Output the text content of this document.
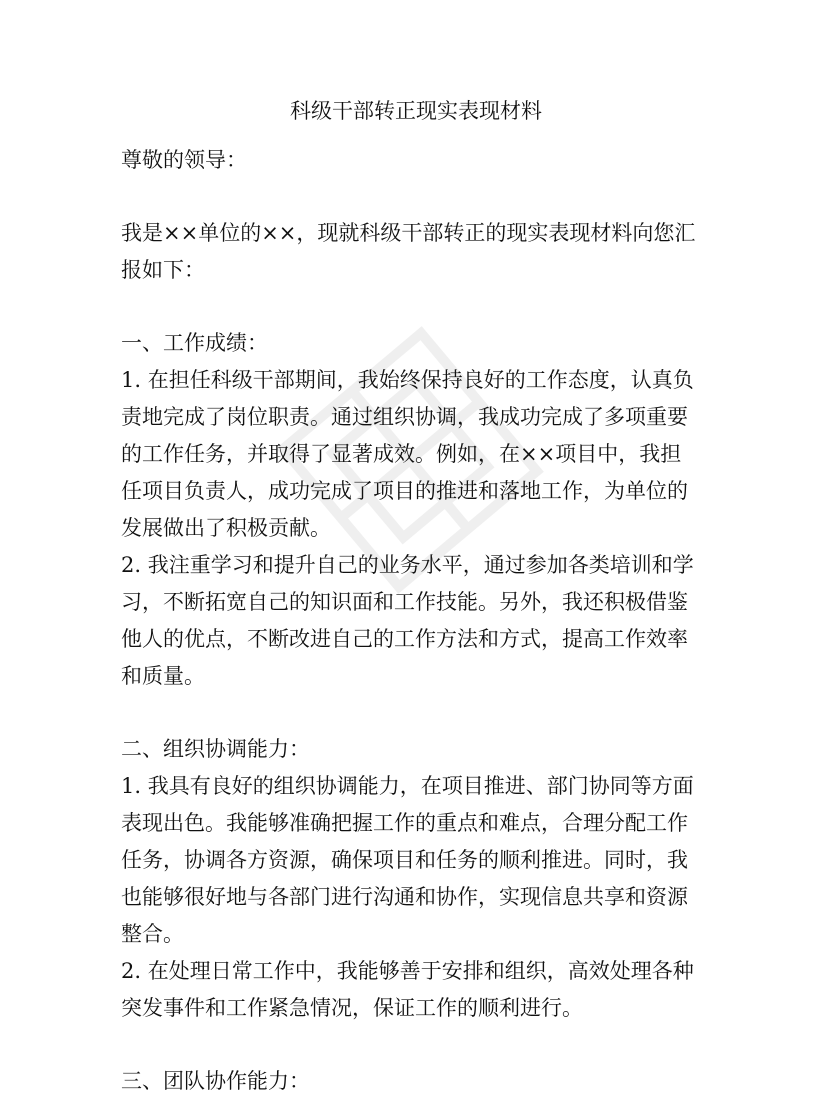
科级干部转正现实表现材料

尊敬的领导：

我是××单位的××，现就科级干部转正的现实表现材料向您汇

报如下：

一、工作成绩：

1. 在担任科级干部期间，我始终保持良好的工作态度，认真负

责地完成了岗位职责。通过组织协调，我成功完成了多项重要

的工作任务，并取得了显著成效。例如，在××项目中，我担

任项目负责人，成功完成了项目的推进和落地工作，为单位的

发展做出了积极贡献。

2. 我注重学习和提升自己的业务水平，通过参加各类培训和学

习，不断拓宽自己的知识面和工作技能。另外，我还积极借鉴

他人的优点，不断改进自己的工作方法和方式，提高工作效率

和质量。

二、组织协调能力：

1. 我具有良好的组织协调能力，在项目推进、部门协同等方面

表现出色。我能够准确把握工作的重点和难点，合理分配工作

任务，协调各方资源，确保项目和任务的顺利推进。同时，我

也能够很好地与各部门进行沟通和协作，实现信息共享和资源

整合。

2. 在处理日常工作中，我能够善于安排和组织，高效处理各种

突发事件和工作紧急情况，保证工作的顺利进行。

三、团队协作能力：
